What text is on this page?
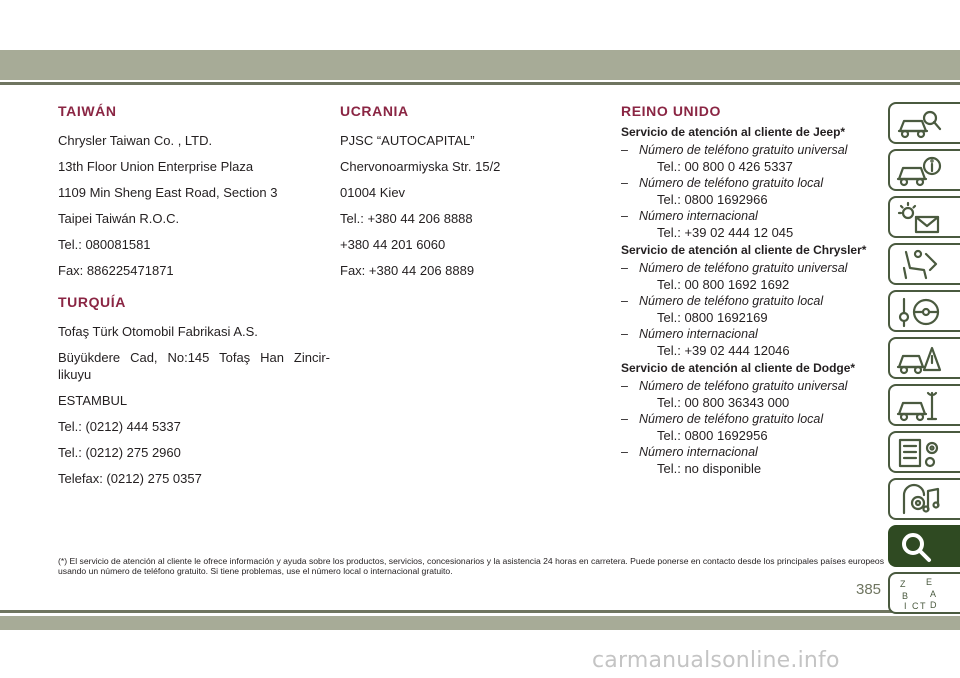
TAIWÁN

Chrysler Taiwan Co. , LTD.

13th Floor Union Enterprise Plaza

1109 Min Sheng East Road, Section 3

Taipei Taiwán R.O.C.

Tel.: 080081581

Fax: 886225471871

TURQUÍA

Tofaş Türk Otomobil Fabrikasi A.S.

Büyükdere Cad, No:145 Tofaş Han Zincir-likuyu

ESTAMBUL

Tel.: (0212) 444 5337

Tel.: (0212) 275 2960

Telefax: (0212) 275 0357

UCRANIA

PJSC “AUTOCAPITAL”

Chervonoarmiyska Str. 15/2

01004 Kiev

Tel.: +380 44 206 8888

+380 44 201 6060

Fax: +380 44 206 8889

REINO UNIDO
Servicio de atención al cliente de Jeep*
– Número de teléfono gratuito universal
Tel.: 00 800 0 426 5337
– Número de teléfono gratuito local
Tel.: 0800 1692966
– Número internacional
Tel.: +39 02 444 12 045
Servicio de atención al cliente de Chrysler*
– Número de teléfono gratuito universal
Tel.: 00 800 1692 1692
– Número de teléfono gratuito local
Tel.: 0800 1692169
– Número internacional
Tel.: +39 02 444 12046
Servicio de atención al cliente de Dodge*
– Número de teléfono gratuito universal
Tel.: 00 800 36343 000
– Número de teléfono gratuito local
Tel.: 0800 1692956
– Número internacional
Tel.: no disponible
(*) El servicio de atención al cliente le ofrece información y ayuda sobre los productos, servicios, concesionarios y la asistencia 24 horas en carretera. Puede ponerse en contacto desde los principales países europeos usando un número de teléfono gratuito. Si tiene problemas, use el número local o internacional gratuito.
385 Z E
B A
I C T D
carmanualsonline.info
